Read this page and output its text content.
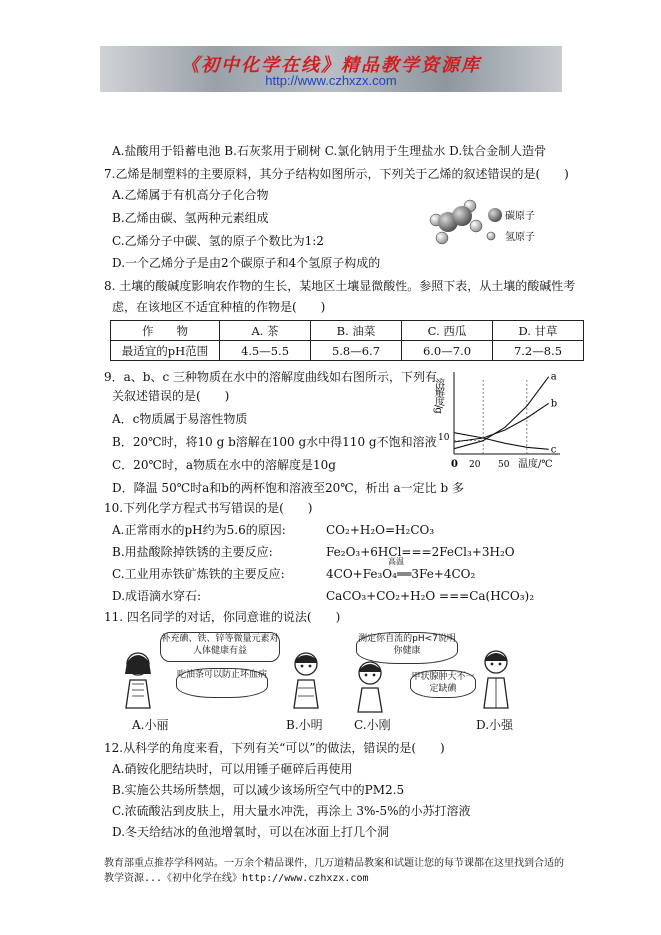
《初中化学在线》精品教学资源库
http://www.czhxzx.com
A.盐酸用于铅蓄电池 B.石灰浆用于刷树 C.氯化钠用于生理盐水 D.钛合金制人造骨
7.乙烯是制塑料的主要原料，其分子结构如图所示，下列关于乙烯的叙述错误的是(　　)
A.乙烯属于有机高分子化合物
B.乙烯由碳、氢两种元素组成
C.乙烯分子中碳、氢的原子个数比为1:2
D.一个乙烯分子是由2个碳原子和4个氢原子构成的
碳原子
氢原子
8. 土壤的酸碱度影响农作物的生长，某地区土壤显微酸性。参照下表，从土壤的酸碱性考
虑，在该地区不适宜种植的作物是(　　)
作　　物	A. 茶	B. 油菜	C. 西瓜	D. 甘草
最适宜的pH范围	4.5—5.5	5.8—6.7	6.0—7.0	7.2—8.5
9．a、b、c 三种物质在水中的溶解度曲线如右图所示，下列有
关叙述错误的是(　　)
A．c物质属于易溶性物质
B．20℃时，将10 g b溶解在100 g水中得110 g不饱和溶液
C．20℃时，a物质在水中的溶解度是10g
D．降温 50℃时a和b的两杯饱和溶液至20℃，析出 a一定比 b 多
溶解度/g
10
0 20 50 温度/℃
a
b
c
10.下列化学方程式书写错误的是(　　)
A.正常雨水的pH约为5.6的原因:	CO₂+H₂O=H₂CO₃
B.用盐酸除掉铁锈的主要反应:	Fe₂O₃+6HCl===2FeCl₃+3H₂O
C.工业用赤铁矿炼铁的主要反应:
高温
4CO+Fe₃O₄══3Fe+4CO₂
D.成语滴水穿石:	CaCO₃+CO₂+H₂O ===Ca(HCO₃)₂
11. 四名同学的对话，你同意谁的说法(　　)
补充碘、铁、锌等微量元素对人体健康有益
吃油条可以防止坏血病
测定你自流的pH<7说明你健康
甲状腺肿大不一定缺碘
A.小丽	B.小明	C.小刚	D.小强
12.从科学的角度来看，下列有关“可以”的做法，错误的是(　　)
A.硝铵化肥结块时，可以用锤子砸碎后再使用
B.实施公共场所禁烟，可以减少该场所空气中的PM2.5
C.浓硫酸沾到皮肤上，用大量水冲洗，再涂上 3%-5%的小苏打溶液
D.冬天给结冰的鱼池增氧时，可以在冰面上打几个洞
教育部重点推荐学科网站。一万余个精品课件，几万道精品教案和试题让您的每节课都在这里找到合适的
教学资源...《初中化学在线》http://www.czhxzx.com
